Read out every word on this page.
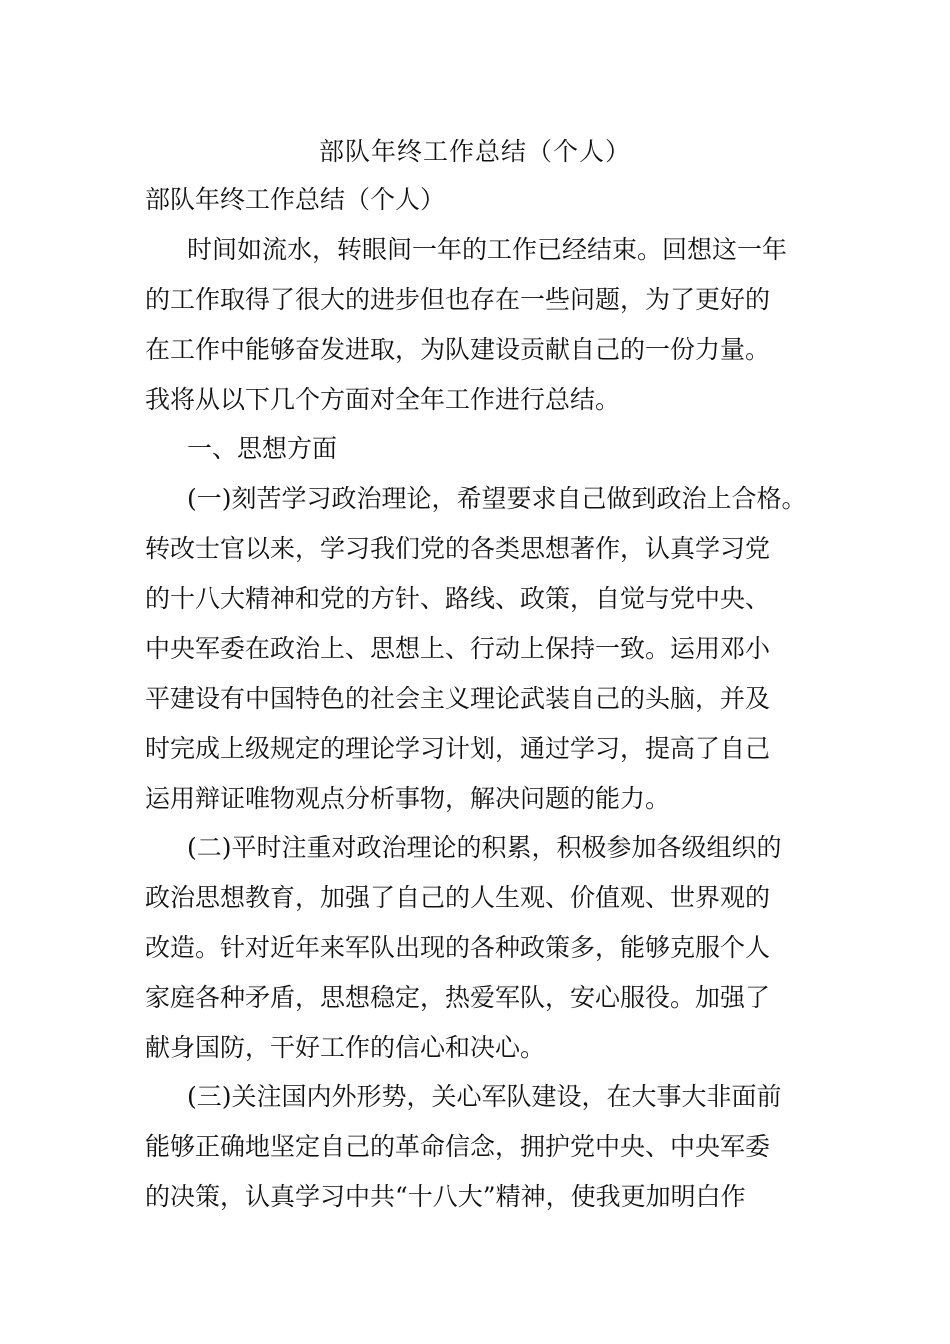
部队年终工作总结（个人）
部队年终工作总结（个人）
时间如流水，转眼间一年的工作已经结束。回想这一年
的工作取得了很大的进步但也存在一些问题，为了更好的
在工作中能够奋发进取，为队建设贡献自己的一份力量。
我将从以下几个方面对全年工作进行总结。
一、思想方面
(一)刻苦学习政治理论，希望要求自己做到政治上合格。
转改士官以来，学习我们党的各类思想著作，认真学习党
的十八大精神和党的方针、路线、政策，自觉与党中央、
中央军委在政治上、思想上、行动上保持一致。运用邓小
平建设有中国特色的社会主义理论武装自己的头脑，并及
时完成上级规定的理论学习计划，通过学习，提高了自己
运用辩证唯物观点分析事物，解决问题的能力。
(二)平时注重对政治理论的积累，积极参加各级组织的
政治思想教育，加强了自己的人生观、价值观、世界观的
改造。针对近年来军队出现的各种政策多，能够克服个人
家庭各种矛盾，思想稳定，热爱军队，安心服役。加强了
献身国防，干好工作的信心和决心。
(三)关注国内外形势，关心军队建设，在大事大非面前
能够正确地坚定自己的革命信念，拥护党中央、中央军委
的决策，认真学习中共“十八大”精神，使我更加明白作
